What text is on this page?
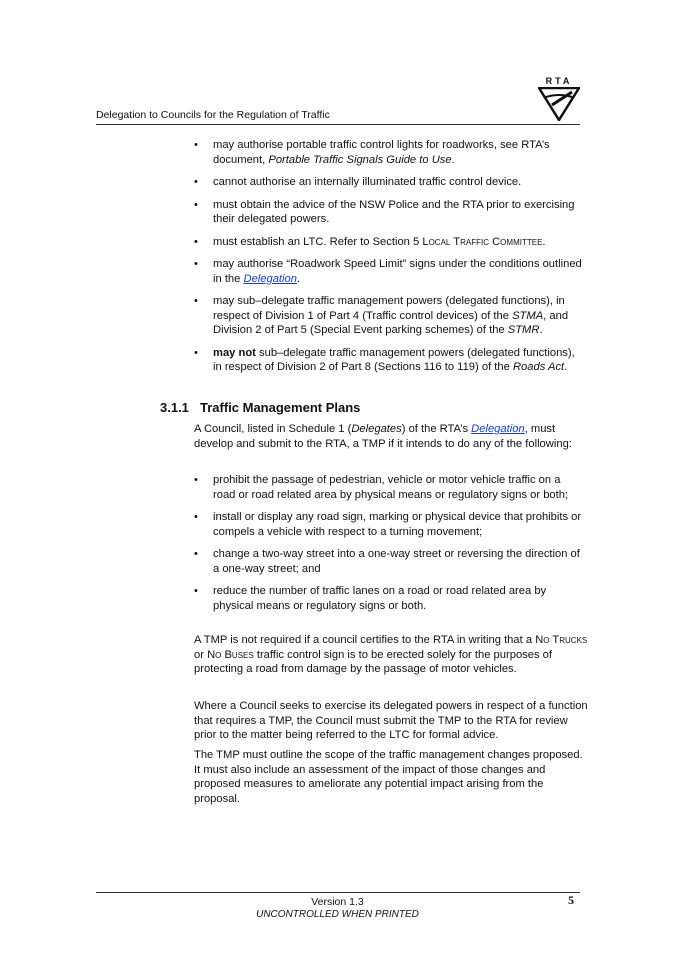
Delegation to Councils for the Regulation of Traffic
RTA
• may authorise portable traffic control lights for roadworks, see RTA’s document, Portable Traffic Signals Guide to Use.
• cannot authorise an internally illuminated traffic control device.
• must obtain the advice of the NSW Police and the RTA prior to exercising their delegated powers.
• must establish an LTC. Refer to Section 5 Local Traffic Committee.
• may authorise “Roadwork Speed Limit” signs under the conditions outlined in the Delegation.
• may sub–delegate traffic management powers (delegated functions), in respect of Division 1 of Part 4 (Traffic control devices) of the STMA, and Division 2 of Part 5 (Special Event parking schemes) of the STMR.
• may not sub–delegate traffic management powers (delegated functions), in respect of Division 2 of Part 8 (Sections 116 to 119) of the Roads Act.
3.1.1 Traffic Management Plans

A Council, listed in Schedule 1 (Delegates) of the RTA’s Delegation, must develop and submit to the RTA, a TMP if it intends to do any of the following:

• prohibit the passage of pedestrian, vehicle or motor vehicle traffic on a road or road related area by physical means or regulatory signs or both;
• install or display any road sign, marking or physical device that prohibits or compels a vehicle with respect to a turning movement;
• change a two-way street into a one-way street or reversing the direction of a one-way street; and
• reduce the number of traffic lanes on a road or road related area by physical means or regulatory signs or both.

A TMP is not required if a council certifies to the RTA in writing that a No Trucks or No Buses traffic control sign is to be erected solely for the purposes of protecting a road from damage by the passage of motor vehicles.

Where a Council seeks to exercise its delegated powers in respect of a function that requires a TMP, the Council must submit the TMP to the RTA for review prior to the matter being referred to the LTC for formal advice.

The TMP must outline the scope of the traffic management changes proposed. It must also include an assessment of the impact of those changes and proposed measures to ameliorate any potential impact arising from the proposal.

Version 1.3
UNCONTROLLED WHEN PRINTED
5
